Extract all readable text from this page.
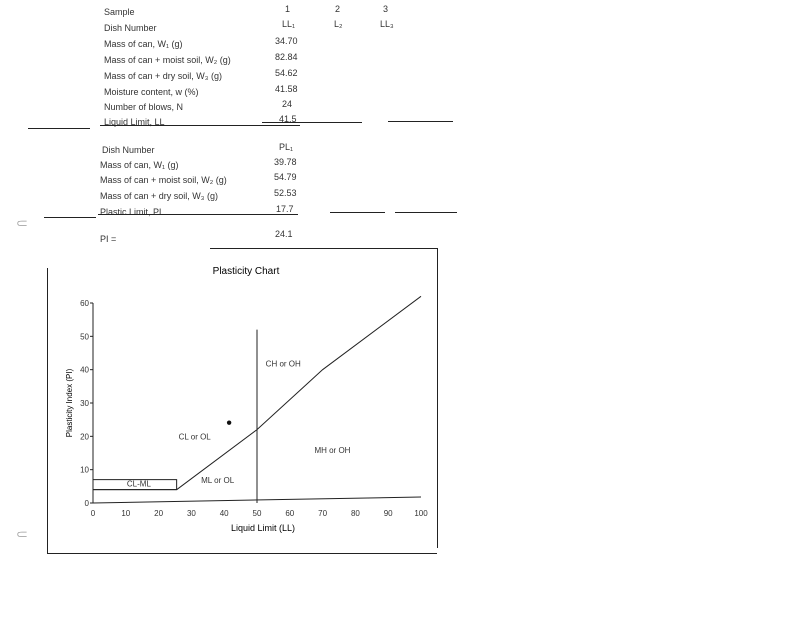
Sample	1	2	3
Dish Number	LL₁	L₂	LL₃
Mass of can, W₁ (g)	34.70
Mass of can + moist soil, W₂ (g)	82.84
Mass of can + dry soil, W₃ (g)	54.62
Moisture content, w (%)	41.58
Number of blows, N	24
Liquid Limit, LL	41.5
Dish Number	PL₁
Mass of can, W₁ (g)	39.78
Mass of can + moist soil, W₂ (g)	54.79
Mass of can + dry soil, W₃ (g)	52.53
Plastic Limit, PL	17.7
PI =	24.1
⸦
⸦
Plasticity Chart
Liquid Limit (LL)
Plasticity Index (PI)
0
10
20
30
40
50
60
0	10	20	30	40	50	60	70	80	90	100
CH or OH
CL or OL
MH or OH
ML or OL
CL-ML
